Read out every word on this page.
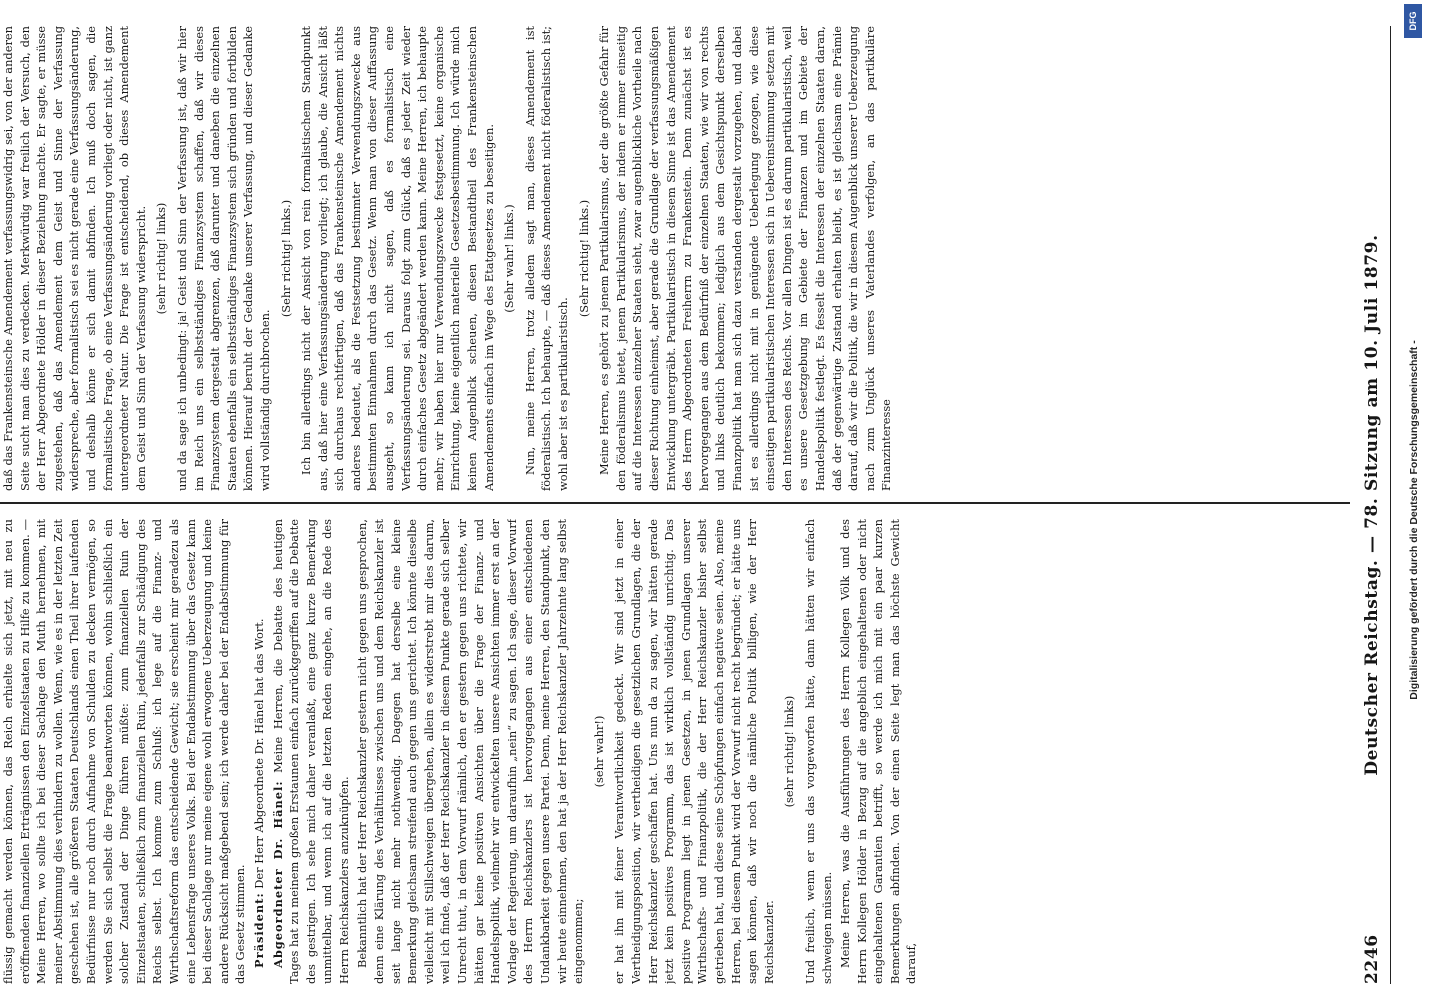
flüssig gemacht werden können, das Reich erhielte sich jetzt, mit neu zu eröffnenden finanziellen Erträgnissen den Einzelstaaten zu Hilfe zu kommen. — Meine Herren, wo sollte ich bei dieser Sachlage den Muth hernehmen, mit meiner Abstimmung dies verhindern zu wollen. Wenn, wie es in der letzten Zeit geschehen ist, alle größeren Staaten Deutschlands einen Theil ihrer laufenden Bedürfnisse nur noch durch Aufnahme von Schulden zu decken vermögen, so werden Sie sich selbst die Frage beantworten können, wohin schließlich ein solcher Zustand der Dinge führen müßte: zum finanziellen Ruin der Einzelstaaten, schließlich zum finanziellen Ruin, jedenfalls zur Schädigung des Reichs selbst. Ich komme zum Schluß: ich lege auf die Finanz- und Wirthschaftsreform das entscheidende Gewicht; sie erscheint mir geradezu als eine Lebensfrage unseres Volks. Bei der Endabstimmung über das Gesetz kann bei dieser Sachlage nur meine eigene wohl erwogene Ueberzeugung und keine andere Rücksicht maßgebend sein; ich werde daher bei der Endabstimmung für das Gesetz stimmen. Präsident: Der Herr Abgeordnete Dr. Hänel hat das Wort. Abgeordneter Dr. Hänel: Meine Herren, die Debatte des heutigen Tages hat zu meinem großen Erstaunen einfach zurückgegriffen auf die Debatte des gestrigen. Ich sehe mich daher veranlaßt, eine ganz kurze Bemerkung unmittelbar, und wenn ich auf die letzten Reden eingehe, an die Rede des Herrn Reichskanzlers anzuknüpfen. Bekanntlich hat der Herr Reichskanzler gestern nicht gegen uns gesprochen, denn eine Klärung des Verhältnisses zwischen uns und dem Reichskanzler ist seit lange nicht mehr nothwendig. Dagegen hat derselbe eine kleine Bemerkung gleichsam streifend auch gegen uns gerichtet. Ich könnte dieselbe vielleicht mit Stillschweigen übergehen, allein es widerstrebt mir dies darum, weil ich finde, daß der Herr Reichskanzler in diesem Punkte gerade sich selber Unrecht thut, in dem Vorwurf nämlich, den er gestern gegen uns richtete, wir hätten gar keine positiven Ansichten über die Frage der Finanz- und Handelspolitik, vielmehr wir entwickelten unsere Ansichten immer erst an der Vorlage der Regierung, um daraufhin „nein“ zu sagen. Ich sage, dieser Vorwurf des Herrn Reichskanzlers ist hervorgegangen aus einer entschiedenen Undankbarkeit gegen unsere Partei. Denn, meine Herren, den Standpunkt, den wir heute einnehmen, den hat ja der Herr Reichskanzler Jahrzehnte lang selbst eingenommen;

(sehr wahr!) er hat ihn mit feiner Verantwortlichkeit gedeckt. Wir sind jetzt in einer Vertheidigungsposition, wir vertheidigen die gesetzlichen Grundlagen, die der Herr Reichskanzler geschaffen hat. Uns nun da zu sagen, wir hätten gerade jetzt kein positives Programm, das ist wirklich vollständig unrichtig. Das positive Programm liegt in jenen Gesetzen, in jenen Grundlagen unserer Wirthschafts- und Finanzpolitik, die der Herr Reichskanzler bisher selbst getrieben hat, und diese seine Schöpfungen einfach negative seien. Also, meine Herren, bei diesem Punkt wird der Vorwurf nicht recht begründet; er hätte uns sagen können, daß wir noch die nämliche Politik billigen, wie der Herr Reichskanzler.

(sehr richtig! links) Und freilich, wenn er uns das vorgeworfen hätte, dann hätten wir einfach schweigen müssen. Meine Herren, was die Ausführungen des Herrn Kollegen Völk und des Herrn Kollegen Hölder in Bezug auf die angeblich eingehaltenen oder nicht eingehaltenen Garantien betrifft, so werde ich mich mit ein paar kurzen Bemerkungen abfinden. Von der einen Seite legt man das höchste Gewicht darauf,

daß das Frankensteinsche Amendement verfassungswidrig sei, von der anderen Seite sucht man dies zu verdecken. Merkwürdig war freilich der Versuch, den der Herr Abgeordnete Hölder in dieser Beziehung machte. Er sagte, er müsse zugestehen, daß das Amendement dem Geist und Sinne der Verfassung widerspreche, aber formalistisch sei es nicht gerade eine Verfassungsänderung, und deshalb könne er sich damit abfinden. Ich muß doch sagen, die formalistische Frage, ob eine Verfassungsänderung vorliegt oder nicht, ist ganz untergeordneter Natur. Die Frage ist entscheidend, ob dieses Amendement dem Geist und Sinn der Verfassung widerspricht. (sehr richtig! links) und da sage ich unbedingt: ja! Geist und Sinn der Verfassung ist, daß wir hier im Reich uns ein selbstständiges Finanzsystem schaffen, daß wir dieses Finanzsystem dergestalt abgrenzen, daß darunter und daneben die einzelnen Staaten ebenfalls ein selbstständiges Finanzsystem sich gründen und fortbilden können. Hierauf beruht der Gedanke unserer Verfassung, und dieser Gedanke wird vollständig durchbrochen.

(Sehr richtig! links.) Ich bin allerdings nicht der Ansicht von rein formalistischem Standpunkt aus, daß hier eine Verfassungsänderung vorliegt; ich glaube, die Ansicht läßt sich durchaus rechtfertigen, daß das Frankensteinsche Amendement nichts anderes bedeutet, als die Festsetzung bestimmter Verwendungszwecke aus bestimmten Einnahmen durch das Gesetz. Wenn man von dieser Auffassung ausgeht, so kann ich nicht sagen, daß es formalistisch eine Verfassungsänderung sei. Daraus folgt zum Glück, daß es jeder Zeit wieder durch einfaches Gesetz abgeändert werden kann. Meine Herren, ich behaupte mehr; wir haben hier nur Verwendungszwecke festgesetzt, keine organische Einrichtung, keine eigentlich materielle Gesetzesbestimmung. Ich würde mich keinen Augenblick scheuen, diesen Bestandtheil des Frankensteinschen Amendements einfach im Wege des Etatgesetzes zu beseitigen. (Sehr wahr! links.) Nun, meine Herren, trotz alledem sagt man, dieses Amendement ist föderalistisch. Ich behaupte, — daß dieses Amendement nicht föderalistisch ist; wohl aber ist es partikularistisch.

(Sehr richtig! links.) Meine Herren, es gehört zu jenem Partikularismus, der die größte Gefahr für den föderalismus bietet, jenem Partikularismus, der indem er immer einseitig auf die Interessen einzelner Staaten sieht, zwar augenblickliche Vortheile nach dieser Richtung einheimst, aber gerade die Grundlage der verfassungsmäßigen Entwicklung untergräbt. Partikularistisch in diesem Sinne ist das Amendement des Herrn Abgeordneten Freiherrn zu Frankenstein. Denn zunächst ist es hervorgegangen aus dem Bedürfniß der einzelnen Staaten, wie wir von rechts und links deutlich bekommen; lediglich aus dem Gesichtspunkt derselben Finanzpolitik hat man sich dazu verstanden dergestalt vorzugehen, und dabei ist es allerdings nicht mit in genügende Ueberlegung gezogen, wie diese einseitigen partikularistischen Interessen sich in Uebereinstimmung setzen mit den Interessen des Reichs. Vor allen Dingen ist es darum partikularistisch, weil es unsere Gesetzgebung im Gebiete der Finanzen und im Gebiete der Handelspolitik festlegt. Es fesselt die Interessen der einzelnen Staaten daran, daß der gegenwärtige Zustand erhalten bleibt, es ist gleichsam eine Prämie darauf, daß wir die Politik, die wir in diesem Augenblick unserer Ueberzeugung nach zum Unglück unseres Vaterlandes verfolgen, an das partikuläre Finanzinteresse

2246
Deutscher Reichstag. — 78. Sitzung am 10. Juli 1879.
DFG
Digitalisierung gefördert durch die Deutsche Forschungsgemeinschaft -
